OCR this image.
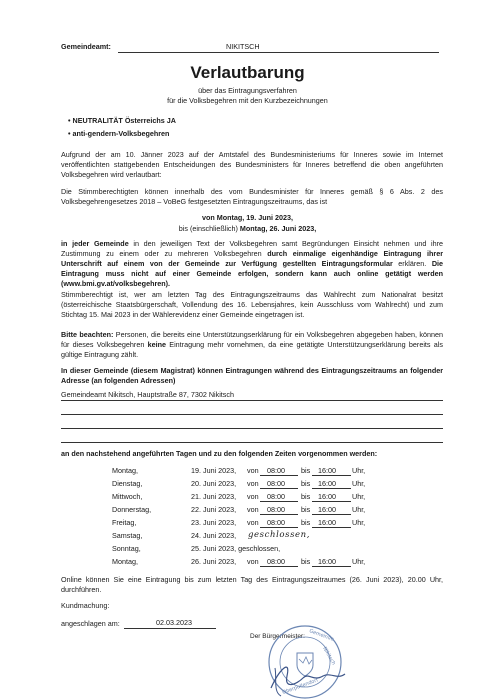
Gemeindeamt:	NIKITSCH
Verlautbarung
über das Eintragungsverfahren
für die Volksbegehren mit den Kurzbezeichnungen
• NEUTRALITÄT Österreichs JA
• anti-gendern-Volksbegehren
Aufgrund der am 10. Jänner 2023 auf der Amtstafel des Bundesministeriums für Inneres sowie im Internet veröffentlichten stattgebenden Entscheidungen des Bundesministers für Inneres betreffend die oben angeführten Volksbegehren wird verlautbart:
Die Stimmberechtigten können innerhalb des vom Bundesminister für Inneres gemäß § 6 Abs. 2 des Volksbegehrengesetzes 2018 – VoBeG festgesetzten Eintragungszeitraums, das ist
von Montag, 19. Juni 2023,
bis (einschließlich) Montag, 26. Juni 2023,
in jeder Gemeinde in den jeweiligen Text der Volksbegehren samt Begründungen Einsicht nehmen und ihre Zustimmung zu einem oder zu mehreren Volksbegehren durch einmalige eigenhändige Eintragung ihrer Unterschrift auf einem von der Gemeinde zur Verfügung gestellten Eintragungsformular erklären. Die Eintragung muss nicht auf einer Gemeinde erfolgen, sondern kann auch online getätigt werden (www.bmi.gv.at/volksbegehren).
Stimmberechtigt ist, wer am letzten Tag des Eintragungszeitraums das Wahlrecht zum Nationalrat besitzt (österreichische Staatsbürgerschaft, Vollendung des 16. Lebensjahres, kein Ausschluss vom Wahlrecht) und zum Stichtag 15. Mai 2023 in der Wählerevidenz einer Gemeinde eingetragen ist.
Bitte beachten: Personen, die bereits eine Unterstützungserklärung für ein Volksbegehren abgegeben haben, können für dieses Volksbegehren keine Eintragung mehr vornehmen, da eine getätigte Unterstützungserklärung bereits als gültige Eintragung zählt.
In dieser Gemeinde (diesem Magistrat) können Eintragungen während des Eintragungszeitraums an folgender Adresse (an folgenden Adressen)
Gemeindeamt Nikitsch, Hauptstraße 87, 7302 Nikitsch
an den nachstehend angeführten Tagen und zu den folgenden Zeiten vorgenommen werden:
Montag,	19. Juni 2023, von 08:00 bis 16:00 Uhr,
Dienstag,	20. Juni 2023, von 08:00 bis 16:00 Uhr,
Mittwoch,	21. Juni 2023, von 08:00 bis 16:00 Uhr,
Donnerstag,	22. Juni 2023, von 08:00 bis 16:00 Uhr,
Freitag,	23. Juni 2023, von 08:00 bis 16:00 Uhr,
Samstag,	24. Juni 2023, geschlossen,
Sonntag,	25. Juni 2023, geschlossen,
Montag,	26. Juni 2023, von 08:00 bis 16:00 Uhr,
Online können Sie eine Eintragung bis zum letzten Tag des Eintragungszeitraumes (26. Juni 2023), 20.00 Uhr, durchführen.
Kundmachung:
angeschlagen am:	02.03.2023
Der Bürgermeister: Gemeinde
Nikitsch
Oberpullendorf
